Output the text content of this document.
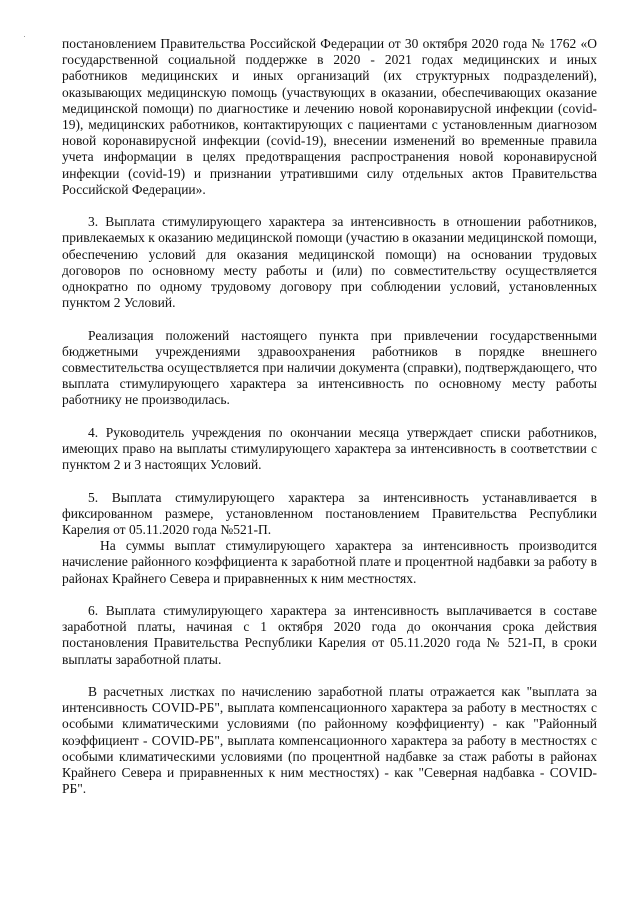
постановлением Правительства Российской Федерации от 30 октября 2020 года № 1762 «О государственной социальной поддержке в 2020 - 2021 годах медицинских и иных работников медицинских и иных организаций (их структурных подразделений), оказывающих медицинскую помощь (участвующих в оказании, обеспечивающих оказание медицинской помощи) по диагностике и лечению новой коронавирусной инфекции (covid-19), медицинских работников, контактирующих с пациентами с установленным диагнозом новой коронавирусной инфекции (covid-19), внесении изменений во временные правила учета информации в целях предотвращения распространения новой коронавирусной инфекции (covid-19) и признании утратившими силу отдельных актов Правительства Российской Федерации».

3. Выплата стимулирующего характера за интенсивность в отношении работников, привлекаемых к оказанию медицинской помощи (участию в оказании медицинской помощи, обеспечению условий для оказания медицинской помощи) на основании трудовых договоров по основному месту работы и (или) по совместительству осуществляется однократно по одному трудовому договору при соблюдении условий, установленных пунктом 2 Условий.

Реализация положений настоящего пункта при привлечении государственными бюджетными учреждениями здравоохранения работников в порядке внешнего совместительства осуществляется при наличии документа (справки), подтверждающего, что выплата стимулирующего характера за интенсивность по основному месту работы работнику не производилась.

4. Руководитель учреждения по окончании месяца утверждает списки работников, имеющих право на выплаты стимулирующего характера за интенсивность в соответствии с пунктом 2 и 3 настоящих Условий.

5. Выплата стимулирующего характера за интенсивность устанавливается в фиксированном размере, установленном постановлением Правительства Республики Карелия от 05.11.2020 года №521-П.

На суммы выплат стимулирующего характера за интенсивность производится начисление районного коэффициента к заработной плате и процентной надбавки за работу в районах Крайнего Севера и приравненных к ним местностях.

6. Выплата стимулирующего характера за интенсивность выплачивается в составе заработной платы, начиная с 1 октября 2020 года до окончания срока действия постановления Правительства Республики Карелия от 05.11.2020 года № 521-П, в сроки выплаты заработной платы.

В расчетных листках по начислению заработной платы отражается как "выплата за интенсивность COVID-РБ", выплата компенсационного характера за работу в местностях с особыми климатическими условиями (по районному коэффициенту) - как "Районный коэффициент - COVID-РБ", выплата компенсационного характера за работу в местностях с особыми климатическими условиями (по процентной надбавке за стаж работы в районах Крайнего Севера и приравненных к ним местностях) - как "Северная надбавка - COVID-РБ".
